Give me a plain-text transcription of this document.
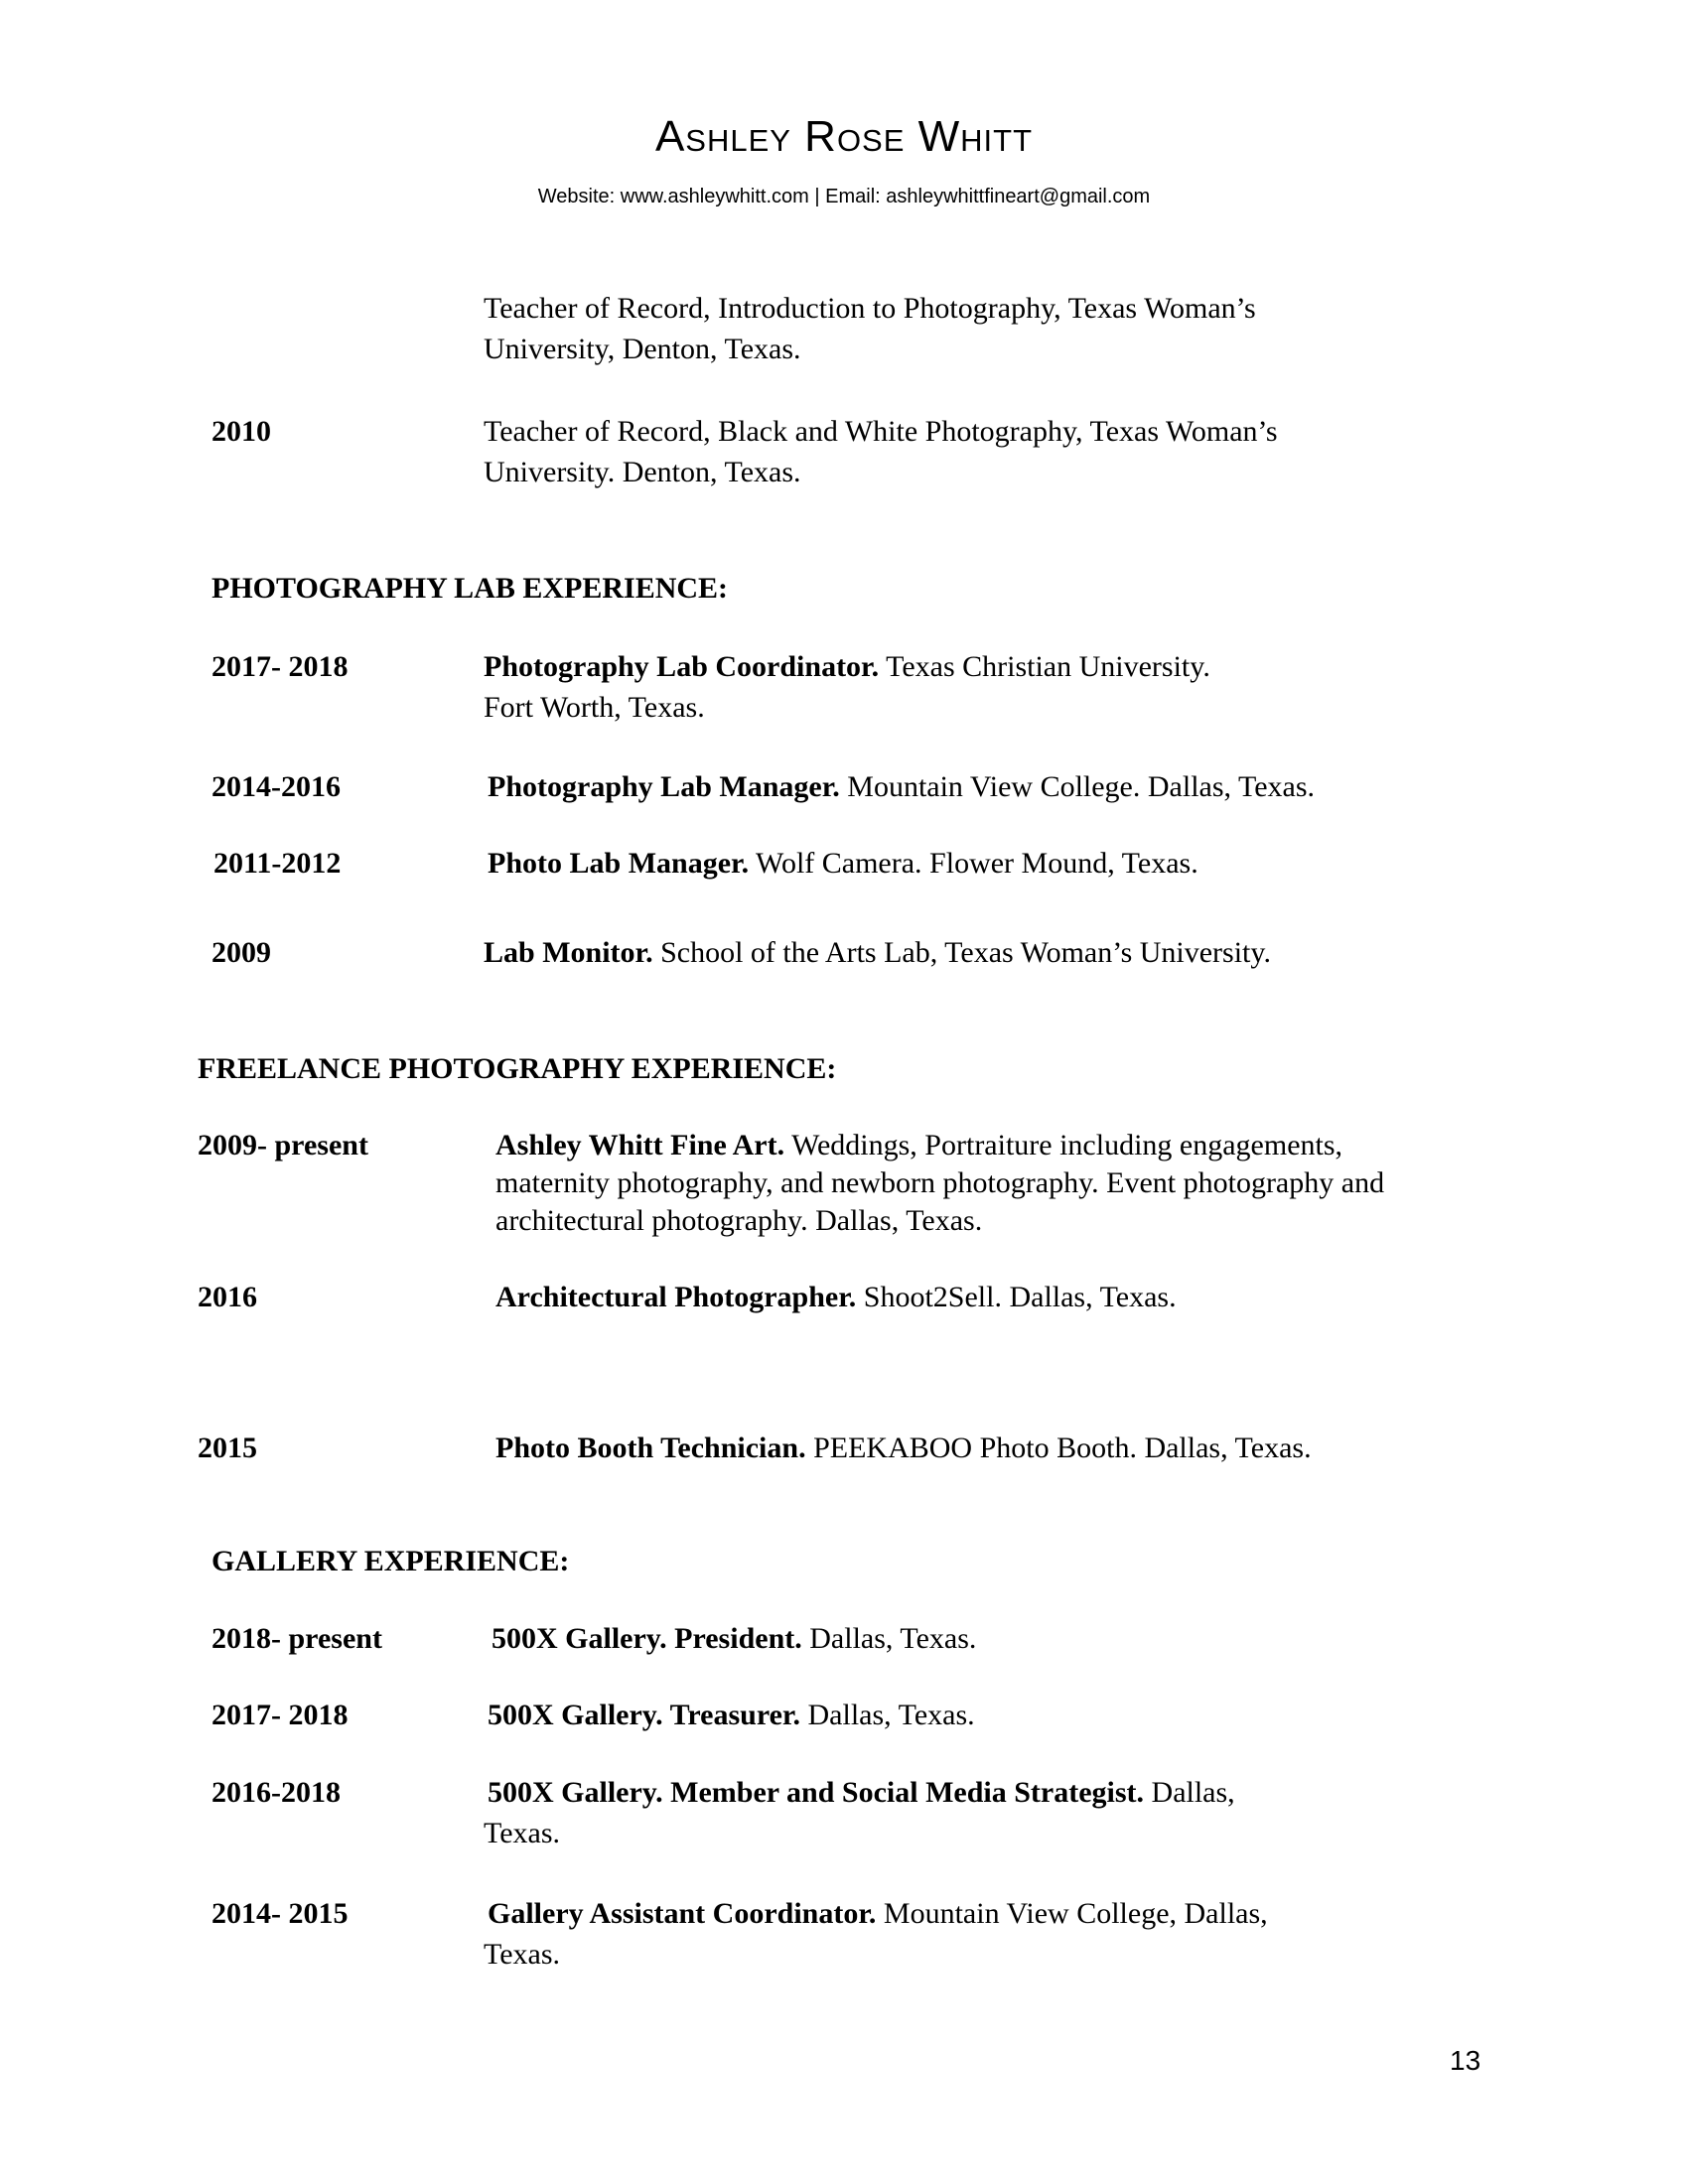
Ashley Rose Whitt
Website: www.ashleywhitt.com | Email: ashleywhittfineart@gmail.com
Teacher of Record, Introduction to Photography, Texas Woman’s
University, Denton, Texas.
2010	Teacher of Record, Black and White Photography, Texas Woman’s
University. Denton, Texas.
PHOTOGRAPHY LAB EXPERIENCE:
2017- 2018	Photography Lab Coordinator. Texas Christian University.
Fort Worth, Texas.
2014-2016	Photography Lab Manager. Mountain View College. Dallas, Texas.
2011-2012	Photo Lab Manager. Wolf Camera. Flower Mound, Texas.
2009	Lab Monitor. School of the Arts Lab, Texas Woman’s University.
FREELANCE PHOTOGRAPHY EXPERIENCE:
2009- present	Ashley Whitt Fine Art. Weddings, Portraiture including engagements,
maternity photography, and newborn photography. Event photography and
architectural photography. Dallas, Texas.
2016	Architectural Photographer. Shoot2Sell. Dallas, Texas.
2015	Photo Booth Technician. PEEKABOO Photo Booth. Dallas, Texas.
GALLERY EXPERIENCE:
2018- present	500X Gallery. President. Dallas, Texas.
2017- 2018	500X Gallery. Treasurer. Dallas, Texas.
2016-2018	500X Gallery. Member and Social Media Strategist. Dallas,
Texas.
2014- 2015	Gallery Assistant Coordinator. Mountain View College, Dallas,
Texas.
13
